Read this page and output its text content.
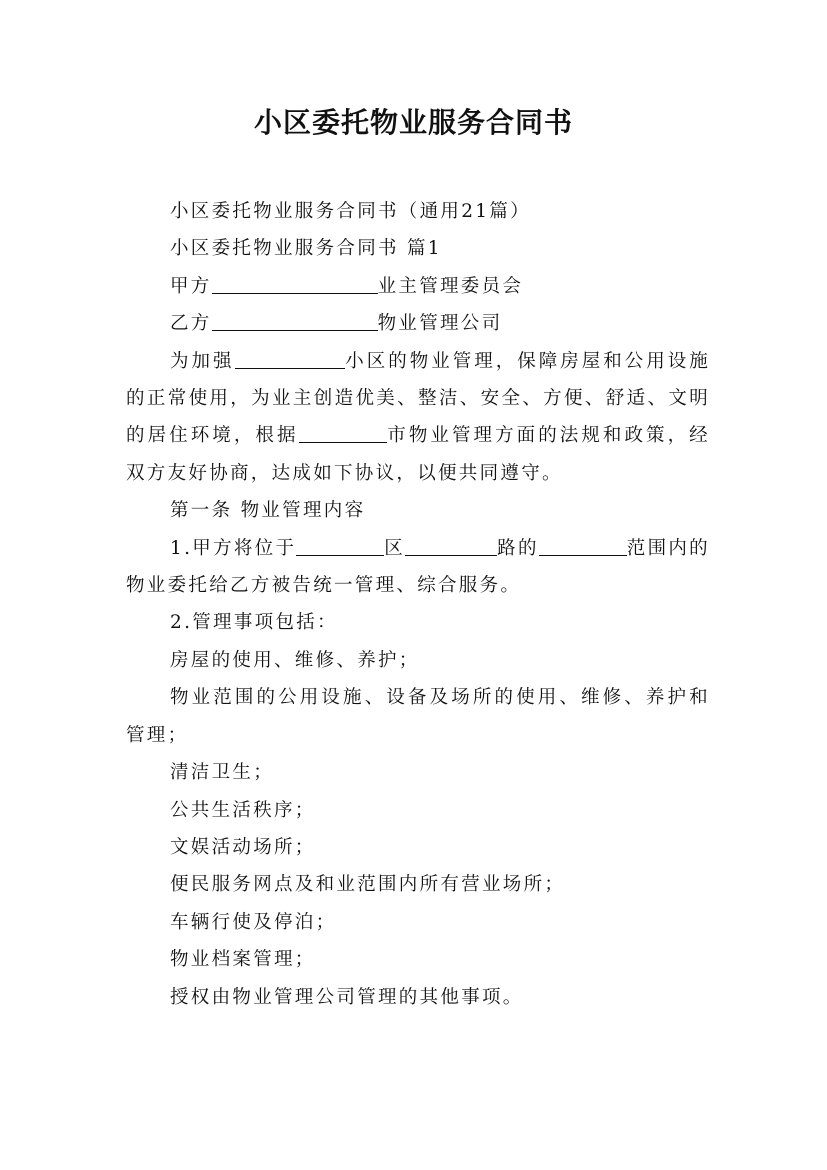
小区委托物业服务合同书

小区委托物业服务合同书（通用21篇）

小区委托物业服务合同书 篇1

甲方	业主管理委员会

乙方	物业管理公司

为加强	小区的物业管理，保障房屋和公用设施的正常使用，为业主创造优美、整洁、安全、方便、舒适、文明的居住环境，根据	市物业管理方面的法规和政策，经双方友好协商，达成如下协议，以便共同遵守。

第一条 物业管理内容

1.甲方将位于	区	路的	范围内的物业委托给乙方被告统一管理、综合服务。

2.管理事项包括：

房屋的使用、维修、养护；

物业范围的公用设施、设备及场所的使用、维修、养护和管理；

清洁卫生；

公共生活秩序；

文娱活动场所；

便民服务网点及和业范围内所有营业场所；

车辆行使及停泊；

物业档案管理；

授权由物业管理公司管理的其他事项。
